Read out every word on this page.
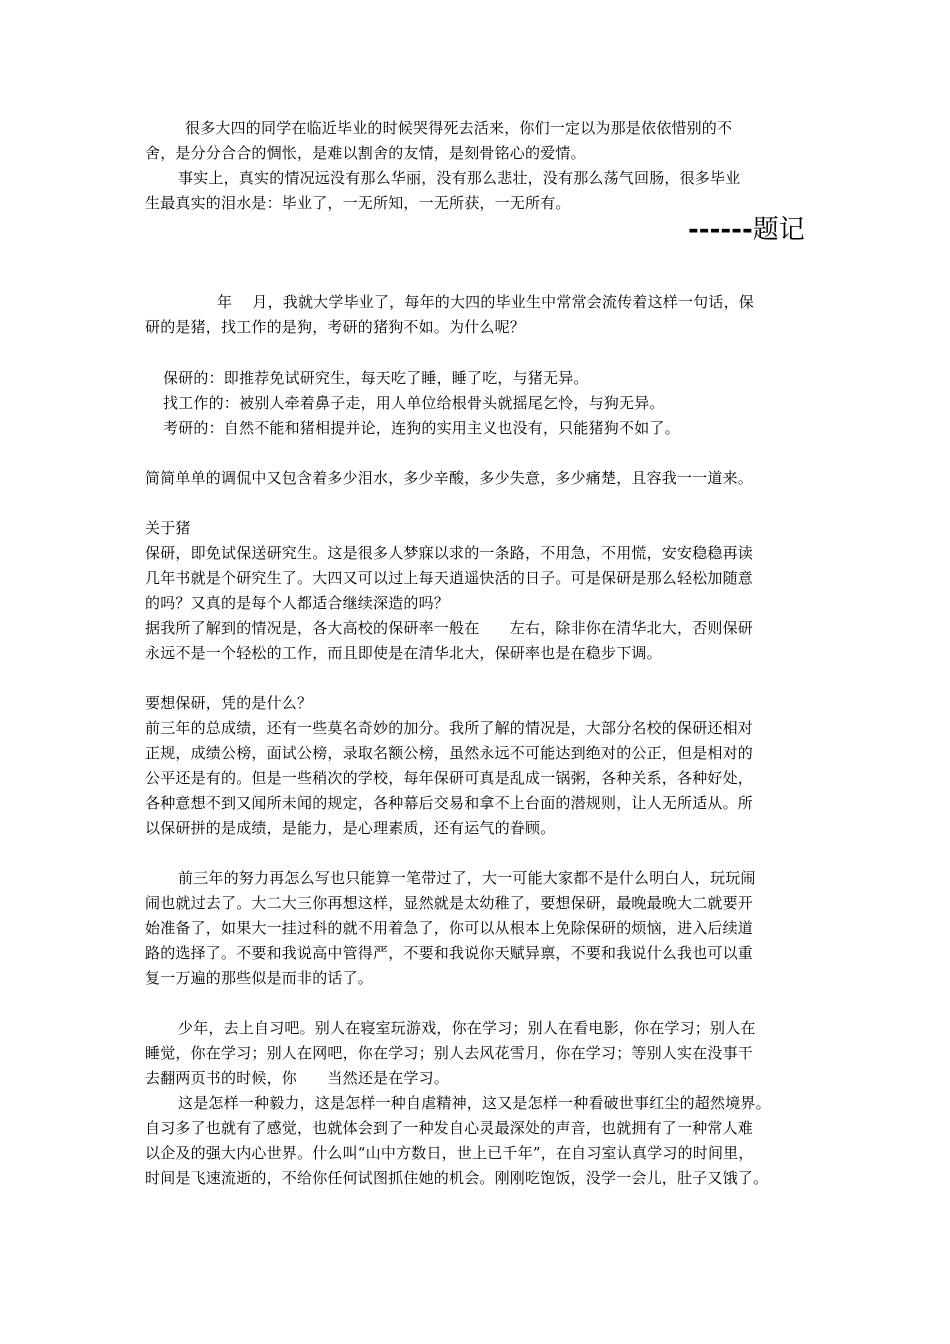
很多大四的同学在临近毕业的时候哭得死去活来，你们一定以为那是依依惜别的不
舍，是分分合合的惆怅，是难以割舍的友情，是刻骨铭心的爱情。
事实上，真实的情况远没有那么华丽，没有那么悲壮，没有那么荡气回肠，很多毕业
生最真实的泪水是：毕业了，一无所知，一无所获，一无所有。
------题记
年　 月，我就大学毕业了，每年的大四的毕业生中常常会流传着这样一句话，保
研的是猪，找工作的是狗，考研的猪狗不如。为什么呢？
保研的：即推荐免试研究生，每天吃了睡，睡了吃，与猪无异。
找工作的：被别人牵着鼻子走，用人单位给根骨头就摇尾乞怜，与狗无异。
考研的：自然不能和猪相提并论，连狗的实用主义也没有，只能猪狗不如了。
简简单单的调侃中又包含着多少泪水，多少辛酸，多少失意，多少痛楚，且容我一一道来。
关于猪
保研，即免试保送研究生。这是很多人梦寐以求的一条路，不用急，不用慌，安安稳稳再读
几年书就是个研究生了。大四又可以过上每天逍遥快活的日子。可是保研是那么轻松加随意
的吗？又真的是每个人都适合继续深造的吗？
据我所了解到的情况是，各大高校的保研率一般在　　左右，除非你在清华北大，否则保研
永远不是一个轻松的工作，而且即使是在清华北大，保研率也是在稳步下调。
要想保研，凭的是什么？
前三年的总成绩，还有一些莫名奇妙的加分。我所了解的情况是，大部分名校的保研还相对
正规，成绩公榜，面试公榜，录取名额公榜，虽然永远不可能达到绝对的公正，但是相对的
公平还是有的。但是一些稍次的学校，每年保研可真是乱成一锅粥，各种关系，各种好处，
各种意想不到又闻所未闻的规定，各种幕后交易和拿不上台面的潜规则，让人无所适从。所
以保研拼的是成绩，是能力，是心理素质，还有运气的眷顾。
前三年的努力再怎么写也只能算一笔带过了，大一可能大家都不是什么明白人，玩玩闹
闹也就过去了。大二大三你再想这样，显然就是太幼稚了，要想保研，最晚最晚大二就要开
始准备了，如果大一挂过科的就不用着急了，你可以从根本上免除保研的烦恼，进入后续道
路的选择了。不要和我说高中管得严，不要和我说你天赋异禀，不要和我说什么我也可以重
复一万遍的那些似是而非的话了。
少年，去上自习吧。别人在寝室玩游戏，你在学习；别人在看电影，你在学习；别人在
睡觉，你在学习；别人在网吧，你在学习；别人去风花雪月，你在学习；等别人实在没事干
去翻两页书的时候，你　　当然还是在学习。
这是怎样一种毅力，这是怎样一种自虐精神，这又是怎样一种看破世事红尘的超然境界。
自习多了也就有了感觉，也就体会到了一种发自心灵最深处的声音，也就拥有了一种常人难
以企及的强大内心世界。什么叫“山中方数日，世上已千年”，在自习室认真学习的时间里，
时间是飞速流逝的，不给你任何试图抓住她的机会。刚刚吃饱饭，没学一会儿，肚子又饿了。
